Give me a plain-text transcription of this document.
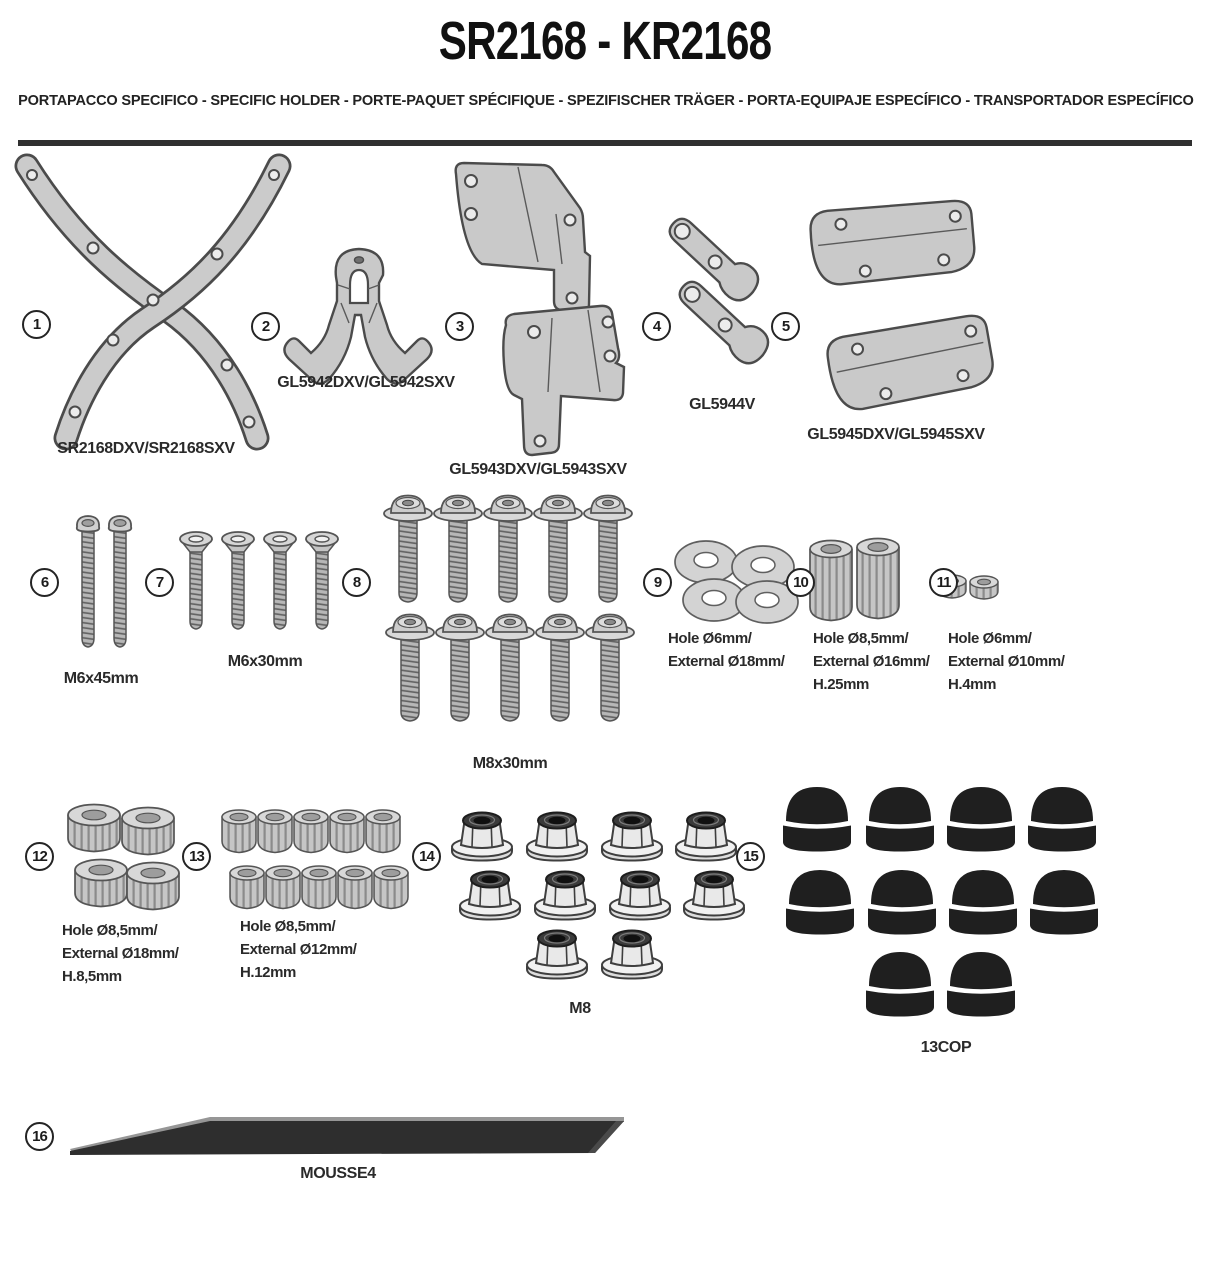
SR2168 - KR2168
PORTAPACCO SPECIFICO - SPECIFIC HOLDER - PORTE-PAQUET SPÉCIFIQUE - SPEZIFISCHER TRÄGER - PORTA-EQUIPAJE ESPECÍFICO - TRANSPORTADOR ESPECÍFICO
1	2	3	4	5
6	7	8	9	10	11
12	13	14	15
16
SR2168DXV/SR2168SXV
GL5942DXV/GL5942SXV
GL5943DXV/GL5943SXV
GL5944V
GL5945DXV/GL5945SXV
M6x45mm
M6x30mm
M8x30mm
M8
13COP
MOUSSE4
Hole Ø6mm/
External Ø18mm/
Hole Ø8,5mm/
External Ø16mm/
H.25mm
Hole Ø6mm/
External Ø10mm/
H.4mm
Hole Ø8,5mm/
External Ø18mm/
H.8,5mm
Hole Ø8,5mm/
External Ø12mm/
H.12mm
